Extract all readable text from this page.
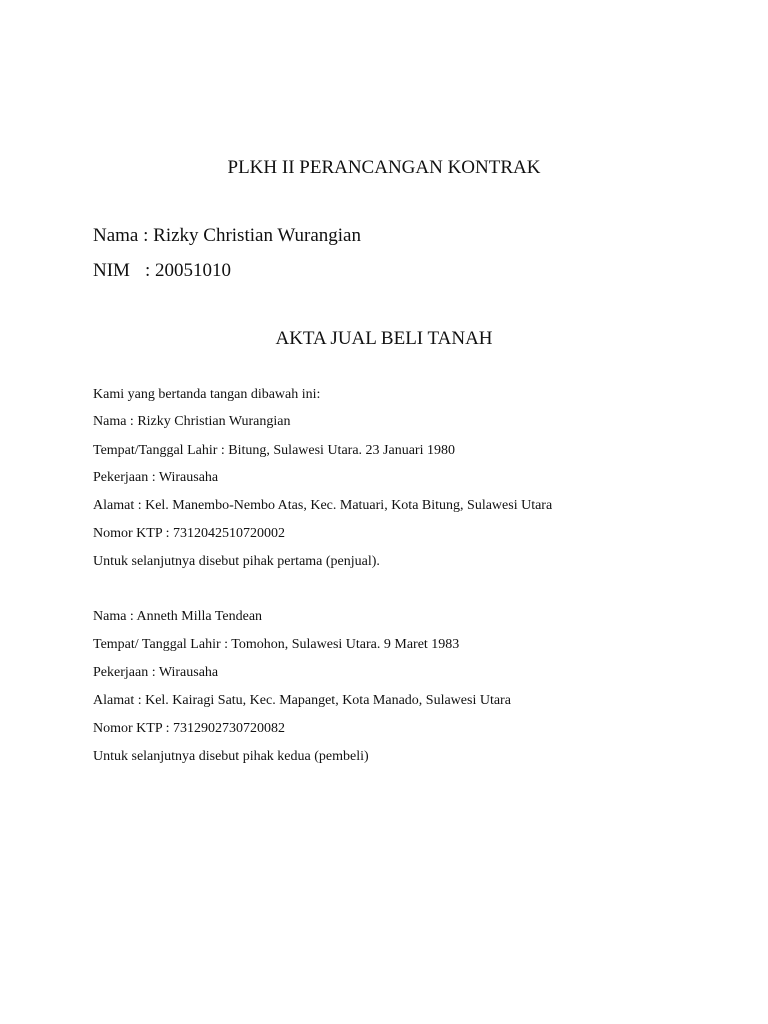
PLKH II PERANCANGAN KONTRAK
Nama : Rizky Christian Wurangian
NIM : 20051010
AKTA JUAL BELI TANAH
Kami yang bertanda tangan dibawah ini:
Nama : Rizky Christian Wurangian
Tempat/Tanggal Lahir : Bitung, Sulawesi Utara. 23 Januari 1980
Pekerjaan : Wirausaha
Alamat : Kel. Manembo-Nembo Atas, Kec. Matuari, Kota Bitung, Sulawesi Utara
Nomor KTP : 7312042510720002
Untuk selanjutnya disebut pihak pertama (penjual).
Nama : Anneth Milla Tendean
Tempat/ Tanggal Lahir : Tomohon, Sulawesi Utara. 9 Maret 1983
Pekerjaan : Wirausaha
Alamat : Kel. Kairagi Satu, Kec. Mapanget, Kota Manado, Sulawesi Utara
Nomor KTP : 7312902730720082
Untuk selanjutnya disebut pihak kedua (pembeli)
